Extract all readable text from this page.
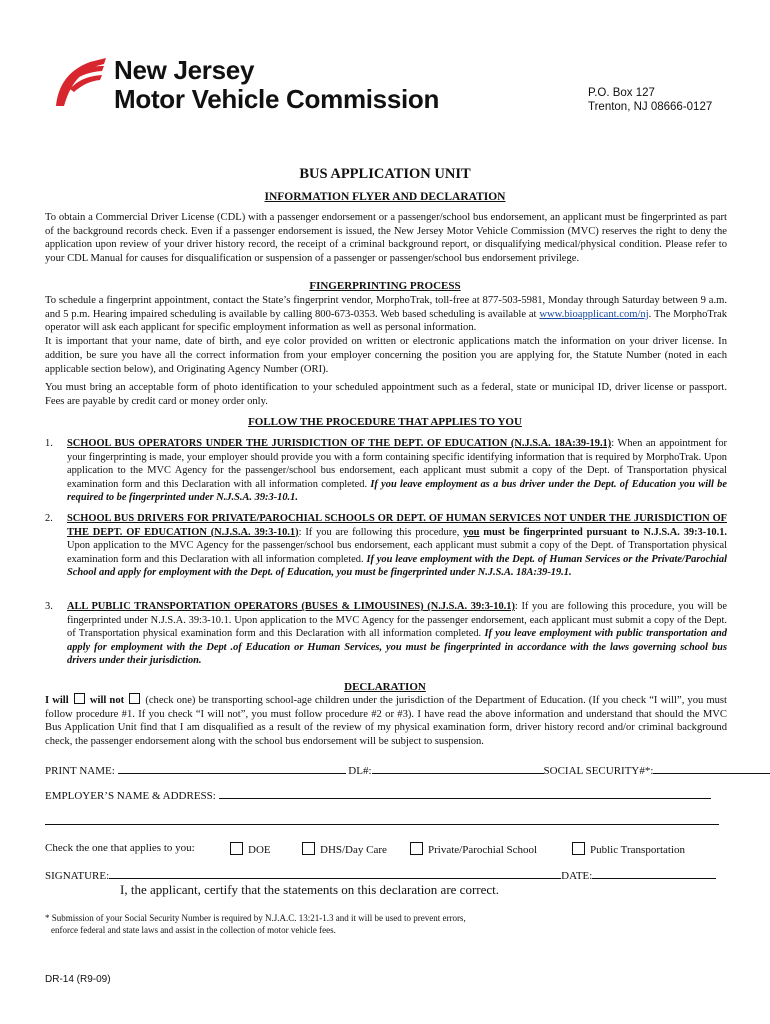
New Jersey
Motor Vehicle Commission	P.O. Box 127
Trenton, NJ 08666-0127
BUS APPLICATION UNIT
INFORMATION FLYER AND DECLARATION
To obtain a Commercial Driver License (CDL) with a passenger endorsement or a passenger/school bus endorsement, an applicant must be fingerprinted as part of the background records check. Even if a passenger endorsement is issued, the New Jersey Motor Vehicle Commission (MVC) reserves the right to deny the application upon review of your driver history record, the receipt of a criminal background report, or disqualifying medical/physical condition. Please refer to your CDL Manual for causes for disqualification or suspension of a passenger or passenger/school bus endorsement privilege.
FINGERPRINTING PROCESS
To schedule a fingerprint appointment, contact the State’s fingerprint vendor, MorphoTrak, toll-free at 877-503-5981, Monday through Saturday between 9 a.m. and 5 p.m. Hearing impaired scheduling is available by calling 800-673-0353. Web based scheduling is available at www.bioapplicant.com/nj. The MorphoTrak operator will ask each applicant for specific employment information as well as personal information.
It is important that your name, date of birth, and eye color provided on written or electronic applications match the information on your driver license. In addition, be sure you have all the correct information from your employer concerning the position you are applying for, the Statute Number (noted in each applicable section below), and Originating Agency Number (ORI).
You must bring an acceptable form of photo identification to your scheduled appointment such as a federal, state or municipal ID, driver license or passport. Fees are payable by credit card or money order only.
FOLLOW THE PROCEDURE THAT APPLIES TO YOU
1.	SCHOOL BUS OPERATORS UNDER THE JURISDICTION OF THE DEPT. OF EDUCATION (N.J.S.A. 18A:39-19.1): When an appointment for your fingerprinting is made, your employer should provide you with a form containing specific identifying information that is required by MorphoTrak. Upon application to the MVC Agency for the passenger/school bus endorsement, each applicant must submit a copy of the Dept. of Transportation physical examination form and this Declaration with all information completed. If you leave employment as a bus driver under the Dept. of Education you will be required to be fingerprinted under N.J.S.A. 39:3-10.1.
2.	SCHOOL BUS DRIVERS FOR PRIVATE/PAROCHIAL SCHOOLS OR DEPT. OF HUMAN SERVICES NOT UNDER THE JURISDICTION OF THE DEPT. OF EDUCATION (N.J.S.A. 39:3-10.1): If you are following this procedure, you must be fingerprinted pursuant to N.J.S.A. 39:3-10.1. Upon application to the MVC Agency for the passenger/school bus endorsement, each applicant must submit a copy of the Dept. of Transportation physical examination form and this Declaration with all information completed. If you leave employment with the Dept. of Human Services or the Private/Parochial School and apply for employment with the Dept. of Education, you must be fingerprinted under N.J.S.A. 18A:39-19.1.
3.	ALL PUBLIC TRANSPORTATION OPERATORS (BUSES & LIMOUSINES) (N.J.S.A. 39:3-10.1): If you are following this procedure, you will be fingerprinted under N.J.S.A. 39:3-10.1. Upon application to the MVC Agency for the passenger endorsement, each applicant must submit a copy of the Dept. of Transportation physical examination form and this Declaration with all information completed. If you leave employment with public transportation and apply for employment with the Dept .of Education or Human Services, you must be fingerprinted in accordance with the laws governing school bus drivers under their jurisdiction.
DECLARATION
I will will not  (check one) be transporting school-age children under the jurisdiction of the Department of Education. (If you check “I will”, you must follow procedure #1. If you check “I will not”, you must follow procedure #2 or #3). I have read the above information and understand that should the MVC Bus Application Unit find that I am disqualified as a result of the review of my physical examination form, driver history record and/or criminal background check, the passenger endorsement along with the school bus endorsement will be subject to suspension.
PRINT NAME:	DL#:	SOCIAL SECURITY#*:
EMPLOYER’S NAME & ADDRESS:
Check the one that applies to you:	DOE	DHS/Day Care	Private/Parochial School	Public Transportation
SIGNATURE:	DATE:
I, the applicant, certify that the statements on this declaration are correct.
* Submission of your Social Security Number is required by N.J.A.C. 13:21-1.3 and it will be used to prevent errors,
enforce federal and state laws and assist in the collection of motor vehicle fees.
DR-14 (R9-09)
